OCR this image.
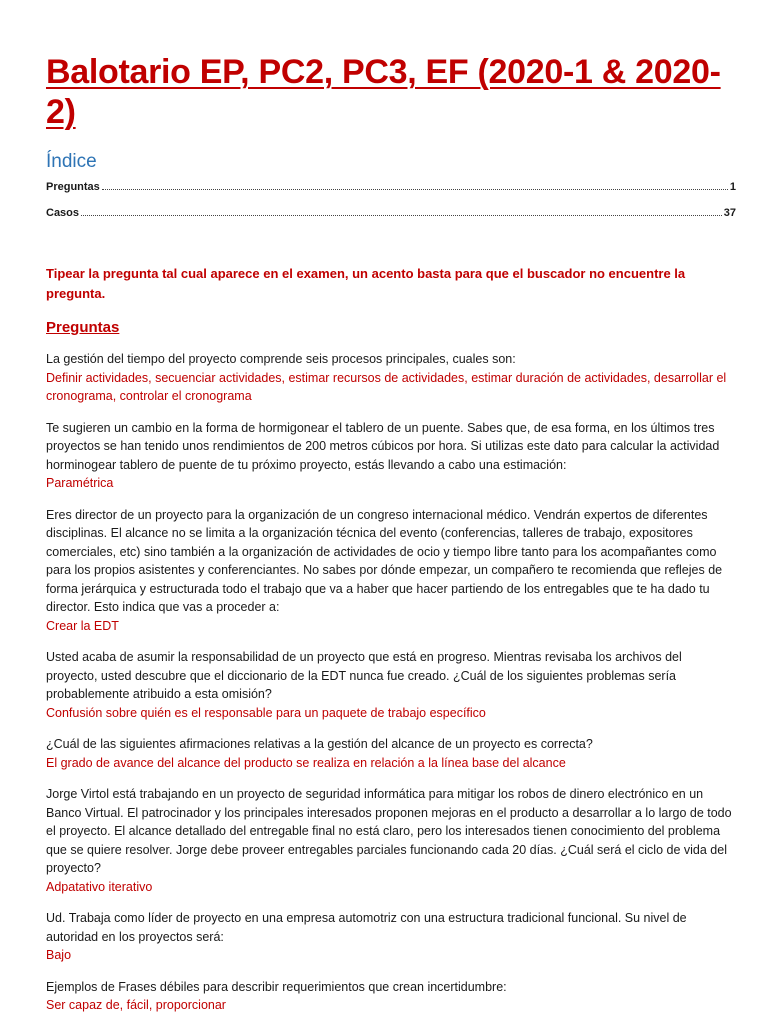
Balotario EP, PC2, PC3, EF (2020-1 & 2020-2)
Índice
Preguntas	1
Casos	37

Tipear la pregunta tal cual aparece en el examen, un acento basta para que el buscador no encuentre la pregunta.

Preguntas

La gestión del tiempo del proyecto comprende seis procesos principales, cuales son:

Definir actividades, secuenciar actividades, estimar recursos de actividades, estimar duración de actividades, desarrollar el cronograma, controlar el cronograma

Te sugieren un cambio en la forma de hormigonear el tablero de un puente. Sabes que, de esa forma, en los últimos tres proyectos se han tenido unos rendimientos de 200 metros cúbicos por hora. Si utilizas este dato para calcular la actividad horminogear tablero de puente de tu próximo proyecto, estás llevando a cabo una estimación:

Paramétrica

Eres director de un proyecto para la organización de un congreso internacional médico. Vendrán expertos de diferentes disciplinas. El alcance no se limita a la organización técnica del evento (conferencias, talleres de trabajo, expositores comerciales, etc) sino también a la organización de actividades de ocio y tiempo libre tanto para los acompañantes como para los propios asistentes y conferenciantes. No sabes por dónde empezar, un compañero te recomienda que reflejes de forma jerárquica y estructurada todo el trabajo que va a haber que hacer partiendo de los entregables que te ha dado tu director. Esto indica que vas a proceder a:

Crear la EDT

Usted acaba de asumir la responsabilidad de un proyecto que está en progreso. Mientras revisaba los archivos del proyecto, usted descubre que el diccionario de la EDT nunca fue creado. ¿Cuál de los siguientes problemas sería probablemente atribuido a esta omisión?

Confusión sobre quién es el responsable para un paquete de trabajo específico

¿Cuál de las siguientes afirmaciones relativas a la gestión del alcance de un proyecto es correcta?

El grado de avance del alcance del producto se realiza en relación a la línea base del alcance

Jorge Virtol está trabajando en un proyecto de seguridad informática para mitigar los robos de dinero electrónico en un Banco Virtual. El patrocinador y los principales interesados proponen mejoras en el producto a desarrollar a lo largo de todo el proyecto. El alcance detallado del entregable final no está claro, pero los interesados tienen conocimiento del problema que se quiere resolver. Jorge debe proveer entregables parciales funcionando cada 20 días. ¿Cuál será el ciclo de vida del proyecto?

Adpatativo iterativo

Ud. Trabaja como líder de proyecto en una empresa automotriz con una estructura tradicional funcional. Su nivel de autoridad en los proyectos será:

Bajo

Ejemplos de Frases débiles para describir requerimientos que crean incertidumbre:

Ser capaz de, fácil, proporcionar
